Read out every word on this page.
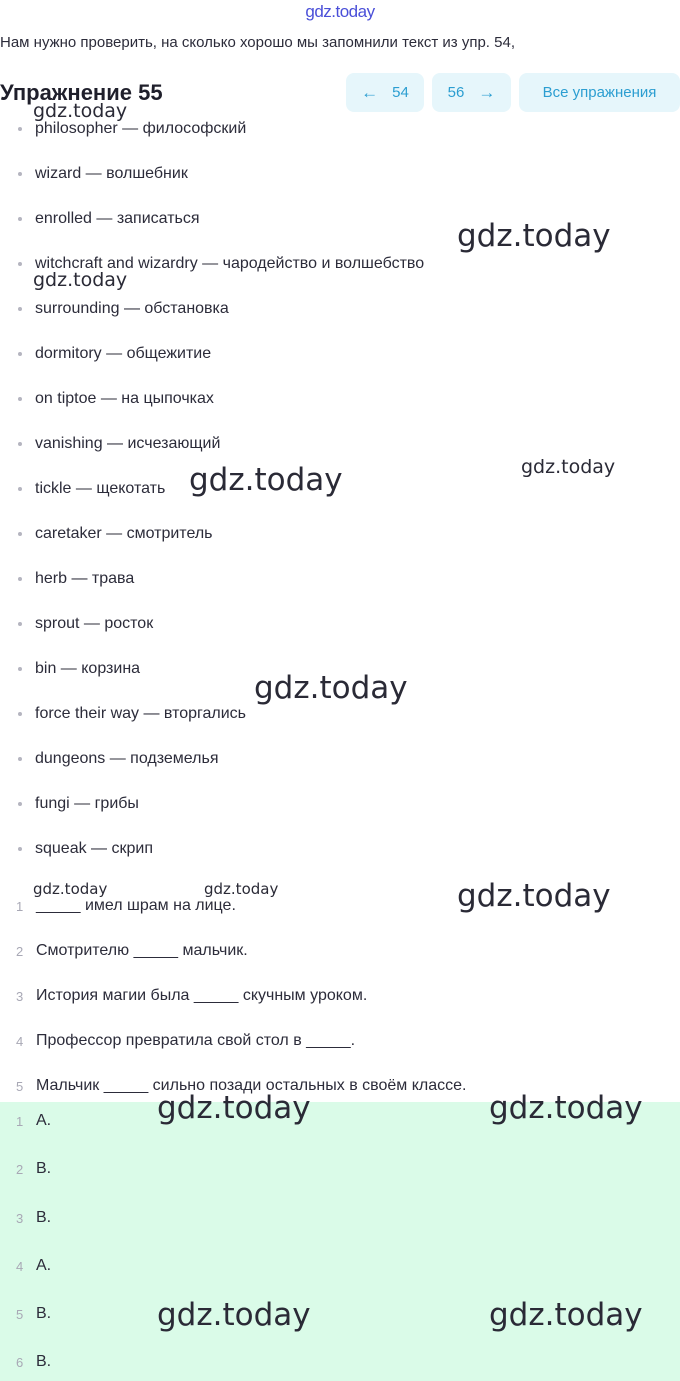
gdz.today
Нам нужно проверить, на сколько хорошо мы запомнили текст из упр. 54,
Упражнение 55	← 54	56 →	Все упражнения
philosopher — философский
wizard — волшебник
enrolled — записаться
witchcraft and wizardry — чародейство и волшебство
surrounding — обстановка
dormitory — общежитие
on tiptoe — на цыпочках
vanishing — исчезающий
tickle — щекотать
caretaker — смотритель
herb — трава
sprout — росток
bin — корзина
force their way — вторгались
dungeons — подземелья
fungi — грибы
squeak — скрип
1 _____ имел шрам на лице.
2 Смотрителю _____ мальчик.
3 История магии была _____ скучным уроком.
4 Профессор превратила свой стол в _____.
5 Мальчик _____ сильно позади остальных в своём классе.
1 A.
2 B.
3 B.
4 A.
5 B.
6 B.
gdz.today
gdz.today
gdz.today
gdz.today
gdz.today
gdz.today
gdz.today	gdz.today	gdz.today
gdz.today	gdz.today
gdz.today	gdz.today
